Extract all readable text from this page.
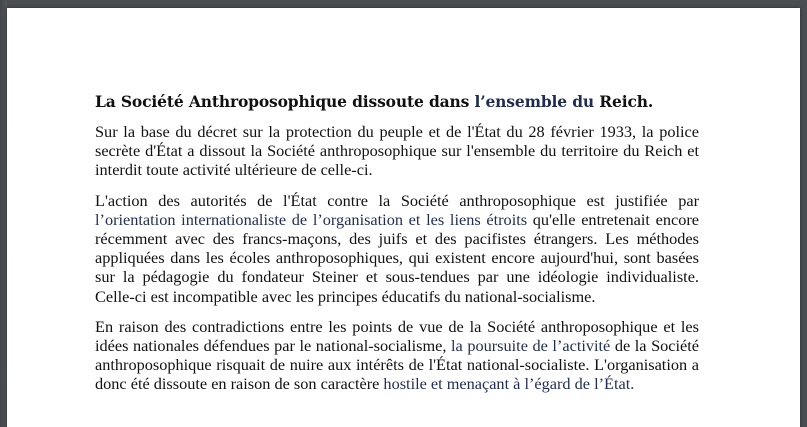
La Société Anthroposophique dissoute dans l’ensemble du Reich.

Sur la base du décret sur la protection du peuple et de l'État du 28 février 1933, la police secrète d'État a dissout la Société anthroposophique sur l'ensemble du territoire du Reich et interdit toute activité ultérieure de celle-ci.

L'action des autorités de l'État contre la Société anthroposophique est justifiée par l’orientation internationaliste de l’organisation et les liens étroits qu'elle entretenait encore récemment avec des francs-maçons, des juifs et des pacifistes étrangers. Les méthodes appliquées dans les écoles anthroposophiques, qui existent encore aujourd'hui, sont basées sur la pédagogie du fondateur Steiner et sous-tendues par une idéologie individualiste. Celle-ci est incompatible avec les principes éducatifs du national-socialisme.

En raison des contradictions entre les points de vue de la Société anthroposophique et les idées nationales défendues par le national-socialisme, la poursuite de l’activité de la Société anthroposophique risquait de nuire aux intérêts de l'État national-socialiste. L'organisation a donc été dissoute en raison de son caractère hostile et menaçant à l’égard de l’État.
